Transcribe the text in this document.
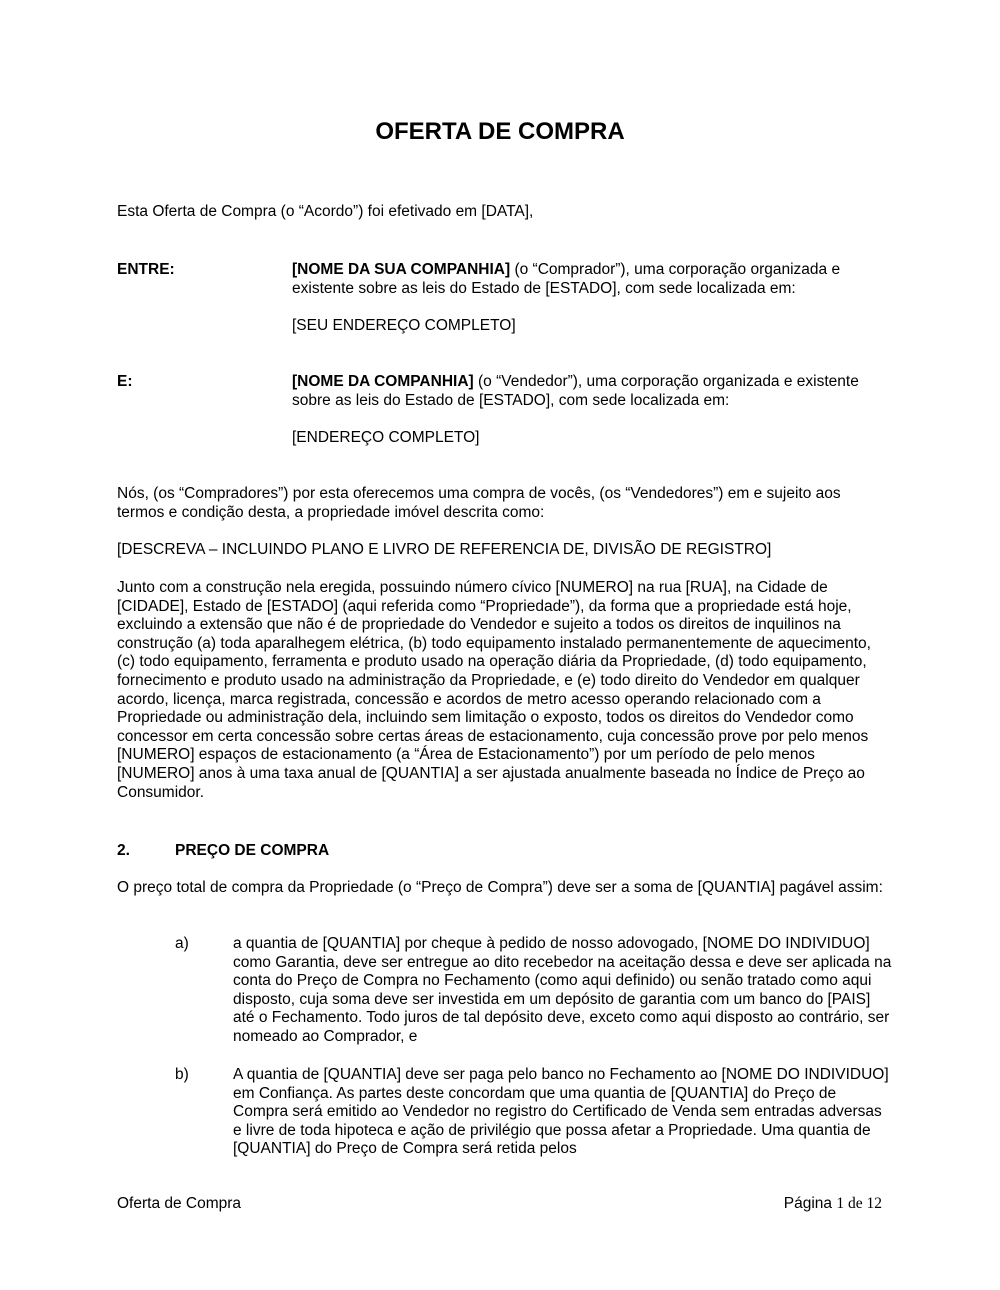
OFERTA DE COMPRA

Esta Oferta de Compra (o “Acordo”) foi efetivado em [DATA],

ENTRE:	[NOME DA SUA COMPANHIA] (o “Comprador”), uma corporação organizada e existente sobre as leis do Estado de [ESTADO], com sede localizada em:

[SEU ENDEREÇO COMPLETO]

E:	[NOME DA COMPANHIA] (o “Vendedor”), uma corporação organizada e existente sobre as leis do Estado de [ESTADO], com sede localizada em:

[ENDEREÇO COMPLETO]

Nós, (os “Compradores”) por esta oferecemos uma compra de vocês, (os “Vendedores”) em e sujeito aos termos e condição desta, a propriedade imóvel descrita como:

[DESCREVA – INCLUINDO PLANO E LIVRO DE REFERENCIA DE, DIVISÃO DE REGISTRO]

Junto com a construção nela eregida, possuindo número cívico [NUMERO] na rua [RUA], na Cidade de [CIDADE], Estado de [ESTADO] (aqui referida como “Propriedade”), da forma que a propriedade está hoje, excluindo a extensão que não é de propriedade do Vendedor e sujeito a todos os direitos de inquilinos na construção (a) toda aparalhegem elétrica, (b) todo equipamento instalado permanentemente de aquecimento, (c) todo equipamento, ferramenta e produto usado na operação diária da Propriedade, (d) todo equipamento, fornecimento e produto usado na administração da Propriedade, e (e) todo direito do Vendedor em qualquer acordo, licença, marca registrada, concessão e acordos de metro acesso operando relacionado com a Propriedade ou administração dela, incluindo sem limitação o exposto, todos os direitos do Vendedor como concessor em certa concessão sobre certas áreas de estacionamento, cuja concessão prove por pelo menos [NUMERO] espaços de estacionamento (a “Área de Estacionamento”) por um período de pelo menos [NUMERO] anos à uma taxa anual de [QUANTIA] a ser ajustada anualmente baseada no Índice de Preço ao Consumidor.

2.	PREÇO DE COMPRA

O preço total de compra da Propriedade (o “Preço de Compra”) deve ser a soma de [QUANTIA] pagável assim:

a)	a quantia de [QUANTIA] por cheque à pedido de nosso adovogado, [NOME DO INDIVIDUO] como Garantia, deve ser entregue ao dito recebedor na aceitação dessa e deve ser aplicada na conta do Preço de Compra no Fechamento (como aqui definido) ou senão tratado como aqui disposto, cuja soma deve ser investida em um depósito de garantia com um banco do [PAIS] até o Fechamento. Todo juros de tal depósito deve, exceto como aqui disposto ao contrário, ser nomeado ao Comprador, e

b)	A quantia de [QUANTIA] deve ser paga pelo banco no Fechamento ao [NOME DO INDIVIDUO] em Confiança. As partes deste concordam que uma quantia de [QUANTIA] do Preço de Compra será emitido ao Vendedor no registro do Certificado de Venda sem entradas adversas e livre de toda hipoteca e ação de privilégio que possa afetar a Propriedade. Uma quantia de [QUANTIA] do Preço de Compra será retida pelos

Oferta de Compra	Página 1 de 12
